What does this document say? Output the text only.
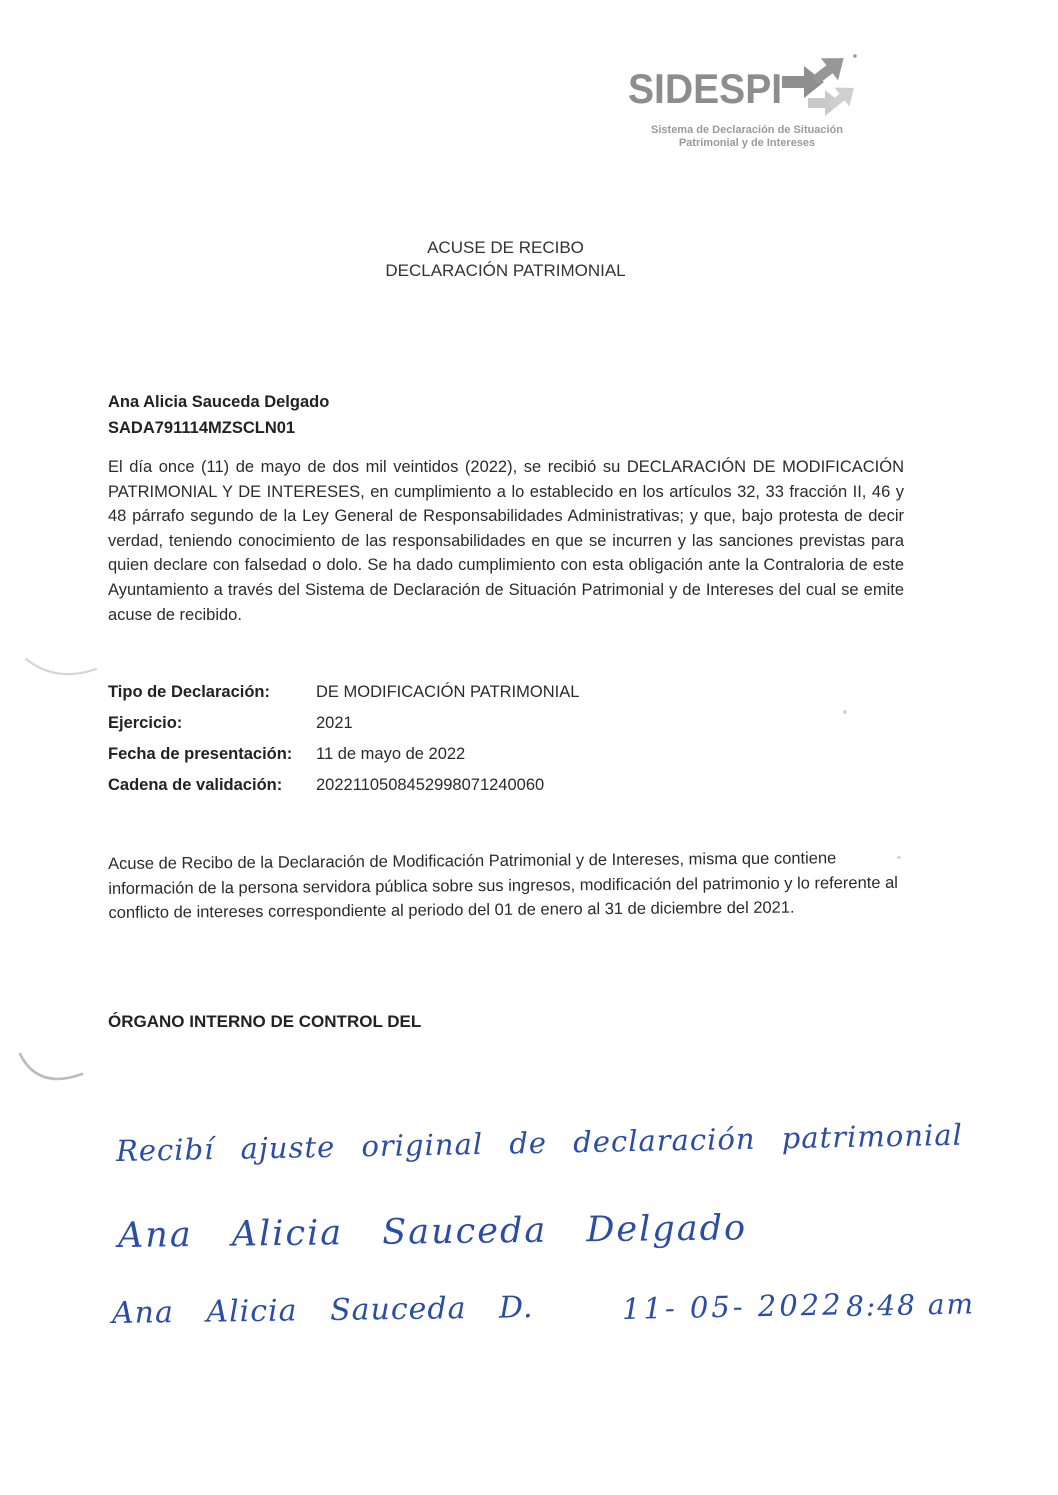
SIDESPI
Sistema de Declaración de Situación
Patrimonial y de Intereses
ACUSE DE RECIBO
DECLARACIÓN PATRIMONIAL
Ana Alicia Sauceda Delgado
SADA791114MZSCLN01
El día once (11) de mayo de dos mil veintidos (2022), se recibió su DECLARACIÓN DE MODIFICACIÓN PATRIMONIAL Y DE INTERESES, en cumplimiento a lo establecido en los artículos 32, 33 fracción II, 46 y 48 párrafo segundo de la Ley General de Responsabilidades Administrativas; y que, bajo protesta de decir verdad, teniendo conocimiento de las responsabilidades en que se incurren y las sanciones previstas para quien declare con falsedad o dolo. Se ha dado cumplimiento con esta obligación ante la Contraloria de este Ayuntamiento a través del Sistema de Declaración de Situación Patrimonial y de Intereses del cual se emite acuse de recibido.
Tipo de Declaración:	DE MODIFICACIÓN PATRIMONIAL
Ejercicio:	2021
Fecha de presentación:	11 de mayo de 2022
Cadena de validación:	2022110508452998071240060
Acuse de Recibo de la Declaración de Modificación Patrimonial y de Intereses, misma que contiene información de la persona servidora pública sobre sus ingresos, modificación del patrimonio y lo referente al conflicto de intereses correspondiente al periodo del 01 de enero al 31 de diciembre del 2021.
ÓRGANO INTERNO DE CONTROL DEL
Recibí ajuste original de declaración patrimonial
Ana Alicia Sauceda Delgado
Ana Alicia Sauceda D.	11- 05- 2022 8:48 am
